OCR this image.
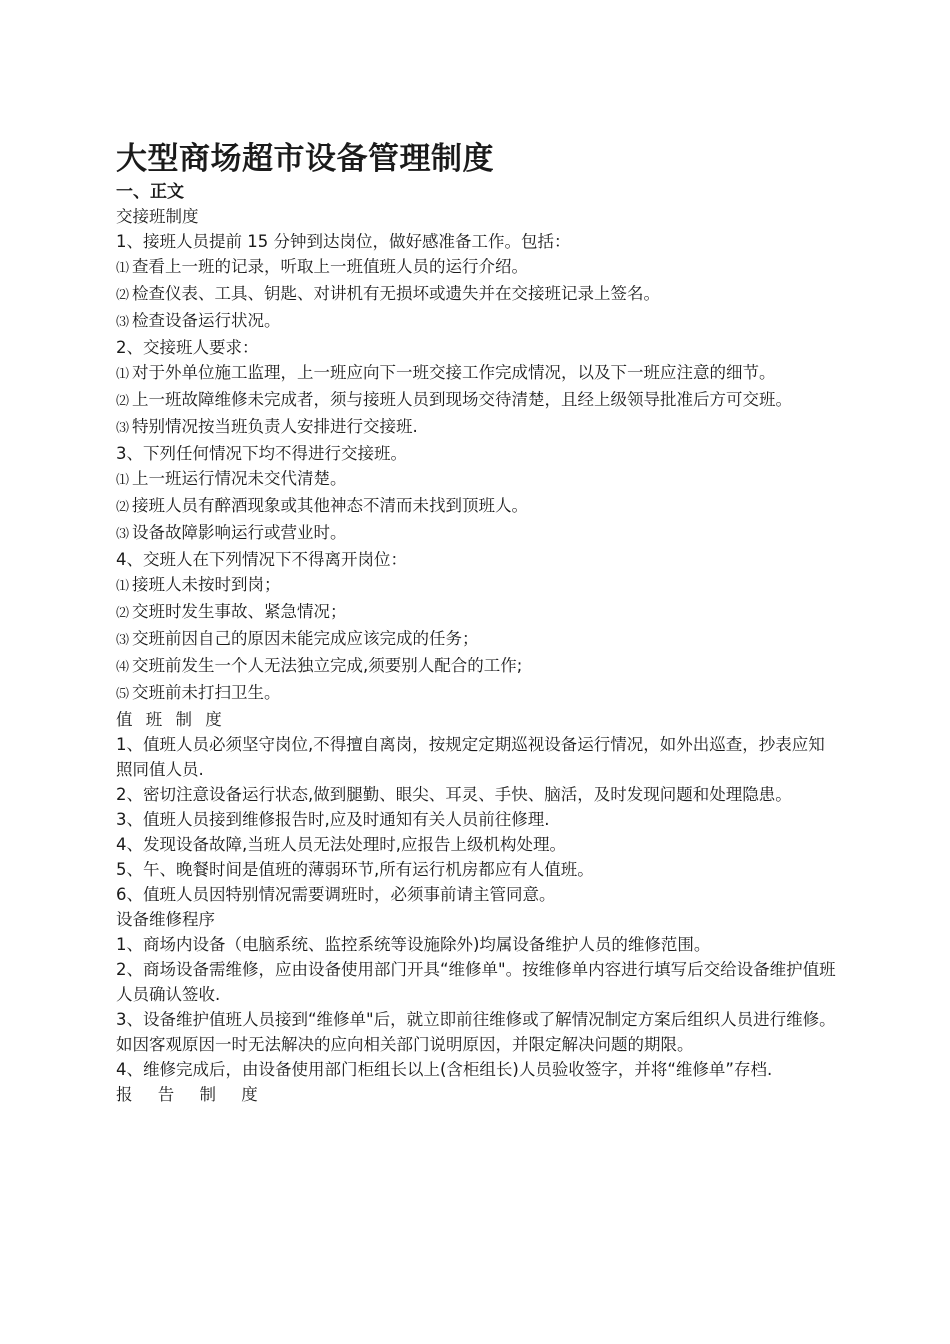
大型商场超市设备管理制度

一、正文

交接班制度

1、接班人员提前 15 分钟到达岗位，做好感准备工作。包括：

⑴ 查看上一班的记录，听取上一班值班人员的运行介绍。

⑵ 检查仪表、工具、钥匙、对讲机有无损坏或遗失并在交接班记录上签名。

⑶ 检查设备运行状况。

2、交接班人要求：

⑴ 对于外单位施工监理，上一班应向下一班交接工作完成情况，以及下一班应注意的细节。

⑵ 上一班故障维修未完成者，须与接班人员到现场交待清楚，且经上级领导批准后方可交班。

⑶ 特别情况按当班负责人安排进行交接班.

3、下列任何情况下均不得进行交接班。

⑴ 上一班运行情况未交代清楚。

⑵ 接班人员有醉酒现象或其他神态不清而未找到顶班人。

⑶ 设备故障影响运行或营业时。

4、交班人在下列情况下不得离开岗位：

⑴ 接班人未按时到岗；

⑵ 交班时发生事故、紧急情况；

⑶ 交班前因自己的原因未能完成应该完成的任务；

⑷ 交班前发生一个人无法独立完成,须要别人配合的工作;

⑸ 交班前未打扫卫生。

值 班 制 度

1、值班人员必须坚守岗位,不得擅自离岗，按规定定期巡视设备运行情况，如外出巡查，抄表应知照同值人员.

2、密切注意设备运行状态,做到腿勤、眼尖、耳灵、手快、脑活，及时发现问题和处理隐患。

3、值班人员接到维修报告时,应及时通知有关人员前往修理.

4、发现设备故障,当班人员无法处理时,应报告上级机构处理。

5、午、晚餐时间是值班的薄弱环节,所有运行机房都应有人值班。

6、值班人员因特别情况需要调班时，必须事前请主管同意。

设备维修程序

1、商场内设备（电脑系统、监控系统等设施除外)均属设备维护人员的维修范围。

2、商场设备需维修，应由设备使用部门开具“维修单"。按维修单内容进行填写后交给设备维护值班人员确认签收.

3、设备维护值班人员接到“维修单"后，就立即前往维修或了解情况制定方案后组织人员进行维修。如因客观原因一时无法解决的应向相关部门说明原因，并限定解决问题的期限。

4、维修完成后，由设备使用部门柜组长以上(含柜组长)人员验收签字，并将“维修单”存档.

报 告 制 度
